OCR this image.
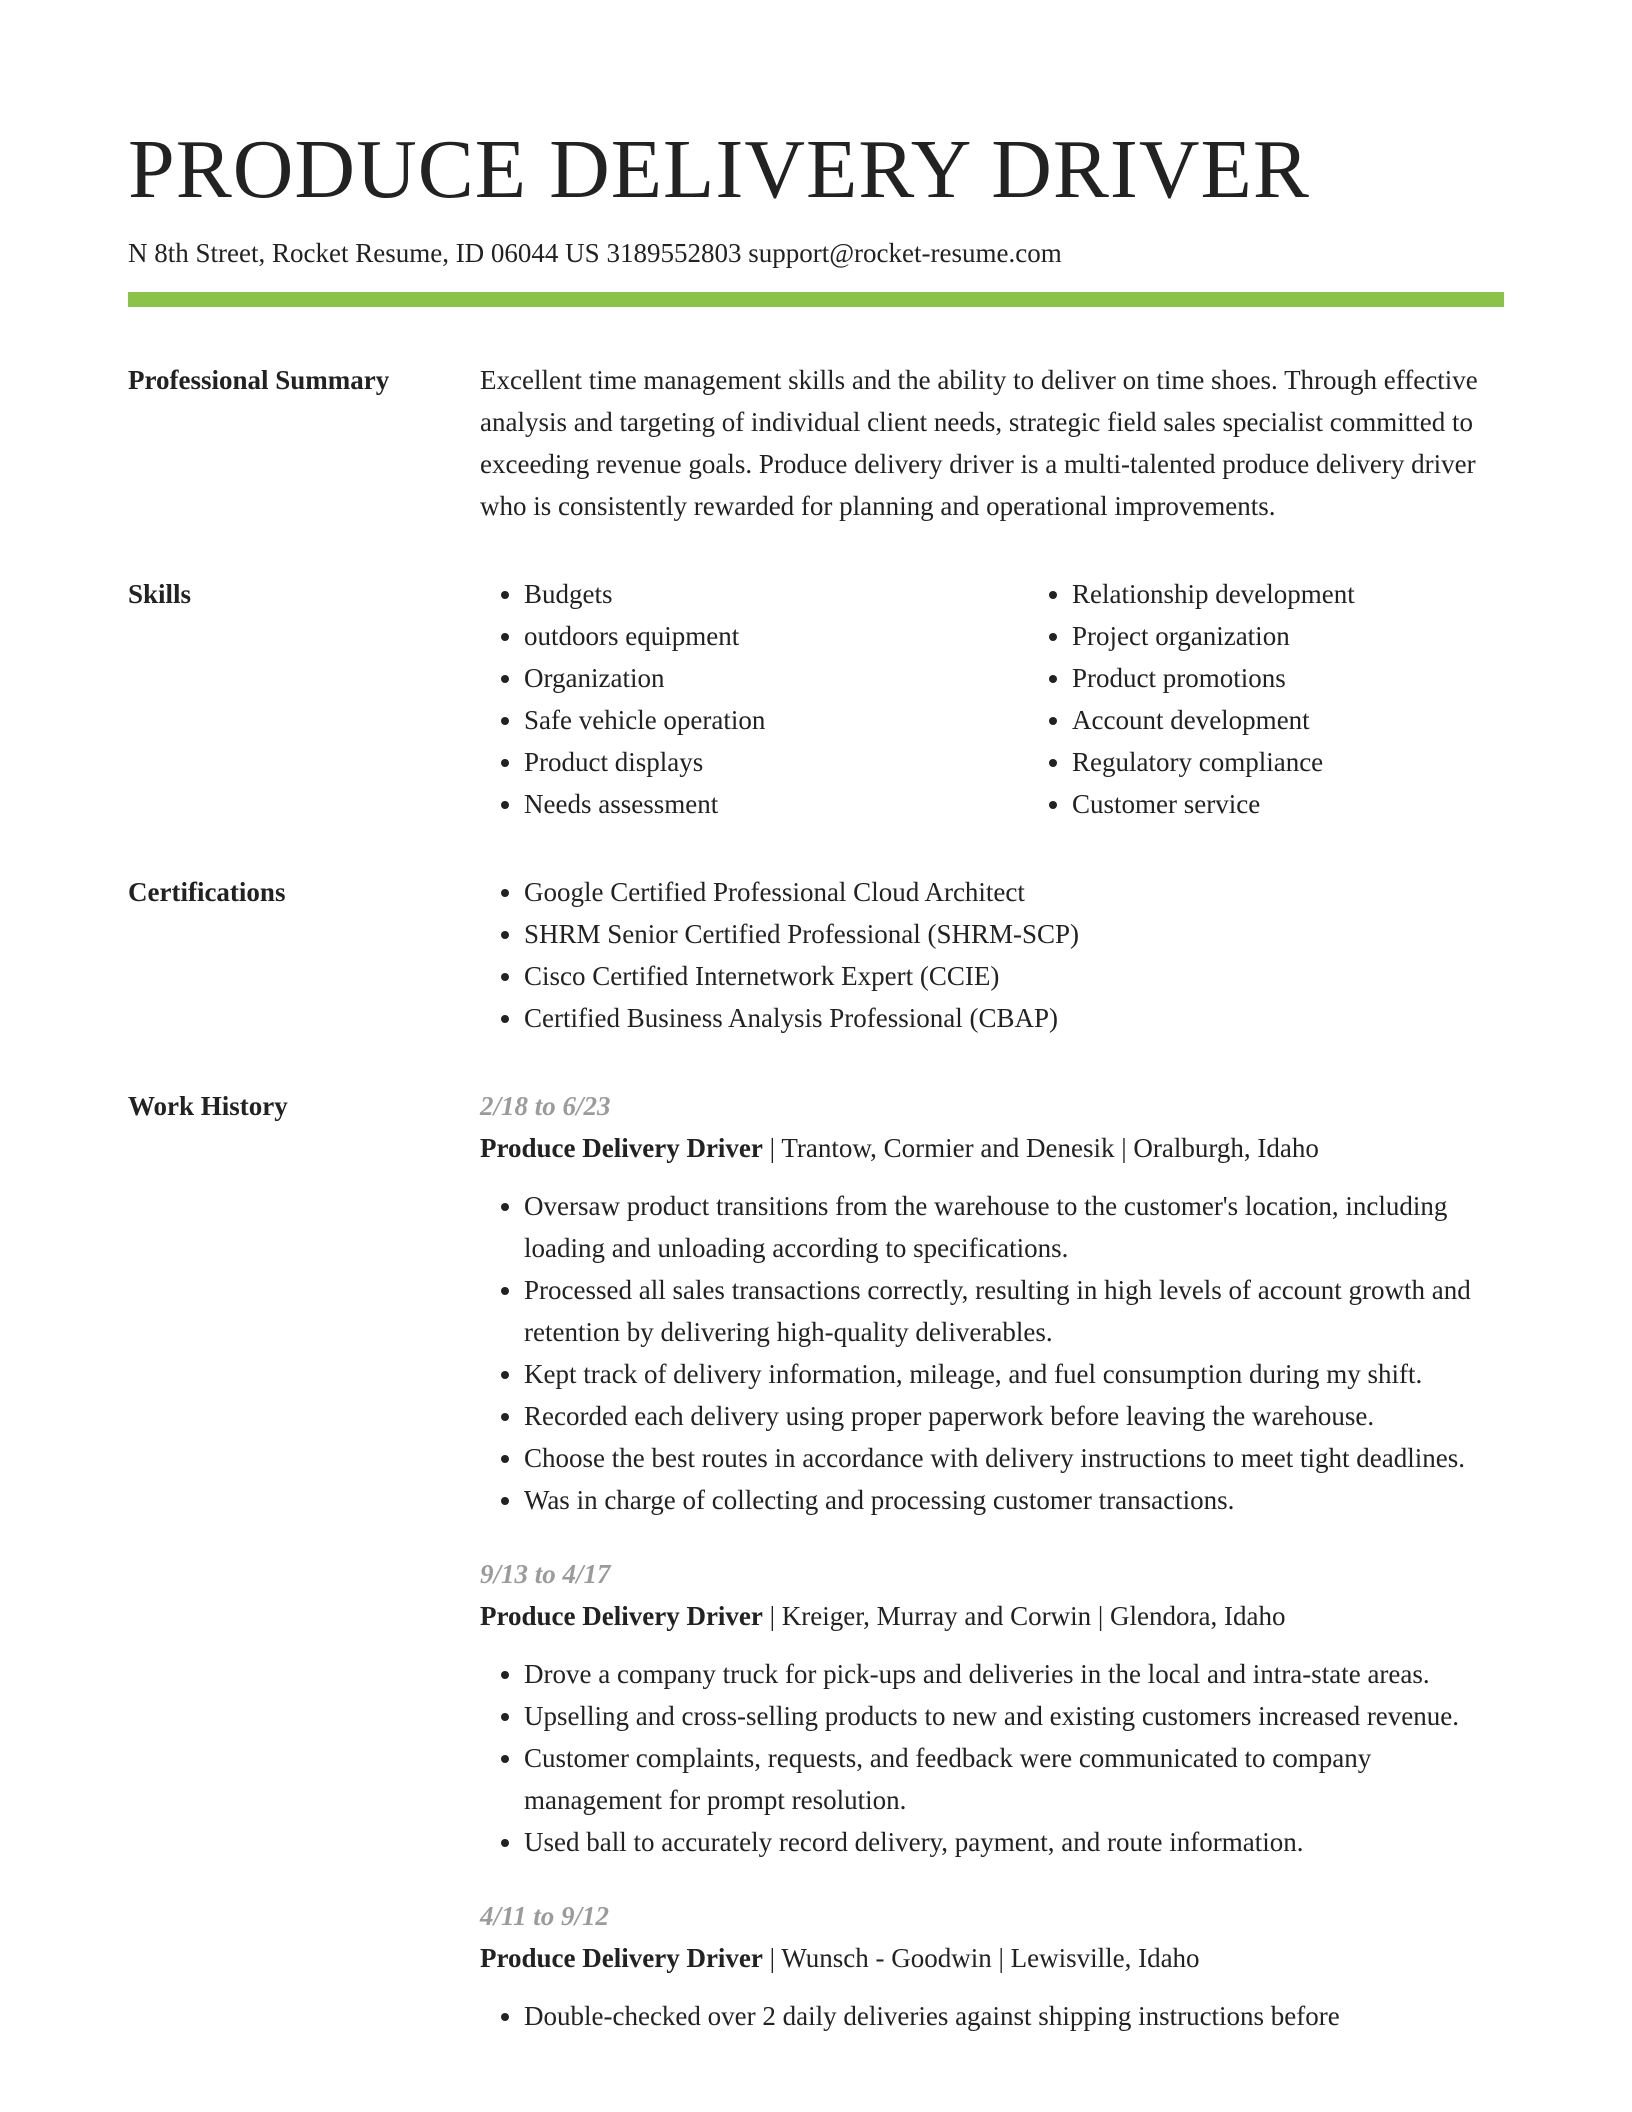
PRODUCE DELIVERY DRIVER
N 8th Street, Rocket Resume, ID 06044 US 3189552803 support@rocket-resume.com
Professional Summary	Excellent time management skills and the ability to deliver on time shoes. Through effective analysis and targeting of individual client needs, strategic field sales specialist committed to exceeding revenue goals. Produce delivery driver is a multi-talented produce delivery driver who is consistently rewarded for planning and operational improvements.

Skills	• Budgets
• outdoors equipment
• Organization
• Safe vehicle operation
• Product displays
• Needs assessment
• Relationship development
• Project organization
• Product promotions
• Account development
• Regulatory compliance
• Customer service
Certifications	• Google Certified Professional Cloud Architect
• SHRM Senior Certified Professional (SHRM-SCP)
• Cisco Certified Internetwork Expert (CCIE)
• Certified Business Analysis Professional (CBAP)
Work History	2/18 to 6/23
Produce Delivery Driver | Trantow, Cormier and Denesik | Oralburgh, Idaho
• Oversaw product transitions from the warehouse to the customer's location, including loading and unloading according to specifications.
• Processed all sales transactions correctly, resulting in high levels of account growth and retention by delivering high-quality deliverables.
• Kept track of delivery information, mileage, and fuel consumption during my shift.
• Recorded each delivery using proper paperwork before leaving the warehouse.
• Choose the best routes in accordance with delivery instructions to meet tight deadlines.
• Was in charge of collecting and processing customer transactions.
9/13 to 4/17
Produce Delivery Driver | Kreiger, Murray and Corwin | Glendora, Idaho
• Drove a company truck for pick-ups and deliveries in the local and intra-state areas.
• Upselling and cross-selling products to new and existing customers increased revenue.
• Customer complaints, requests, and feedback were communicated to company management for prompt resolution.
• Used ball to accurately record delivery, payment, and route information.
4/11 to 9/12
Produce Delivery Driver | Wunsch - Goodwin | Lewisville, Idaho
• Double-checked over 2 daily deliveries against shipping instructions before
